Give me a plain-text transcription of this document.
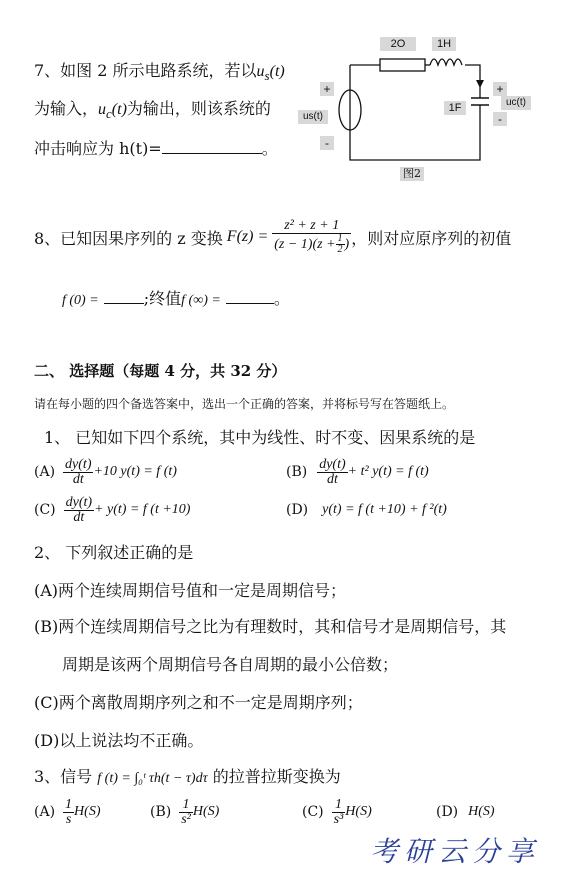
7、如图 2 所示电路系统，若以$u_s(t)$
为输入，$u_c(t)$为输出，则该系统的
冲击响应为 h(t)=	。
2O	1H
1F
us(t)
uc(t)
+
-
+
-
图2
8、已知因果序列的 z 变换 $F(z) = \frac{\text{z² + z + 1}}{(z - 1)(z + \frac{1}{2} )}$ ，则对应原序列的初值
f (0) =	;终值f (∞) =	。
二、 选择题（每题 4 分，共 32 分）
请在每小题的四个备选答案中，选出一个正确的答案，并将标号写在答题纸上。
1、 已知如下四个系统，其中为线性、时不变、因果系统的是
$(A) \frac{dy(t)}{dt} +10$ y(t) = f (t)	$(B) \frac{dy(t)}{dt} + t^2$ y(t) = f (t)
$(C) \frac{dy(t)}{dt} + y(t) = f$ (t +10)	(D) y(t) = f (t +10) + f ²(t)
2、 下列叙述正确的是
(A)两个连续周期信号值和一定是周期信号；
(B)两个连续周期信号之比为有理数时，其和信号才是周期信号，其
周期是该两个周期信号各自周期的最小公倍数；
(C)两个离散周期序列之和不一定是周期序列；
(D)以上说法均不正确。
3、信号 f (t) = ∫₀ᵗ τh(t − τ)dτ 的拉普拉斯变换为
$(A) \frac{1}{s} H(S)$	$(B) \frac{1}{\text{s²}} H(S)$	$(C) \frac{1}{\text{s³}} H(S)$	(D) H(S)
考研云分享
